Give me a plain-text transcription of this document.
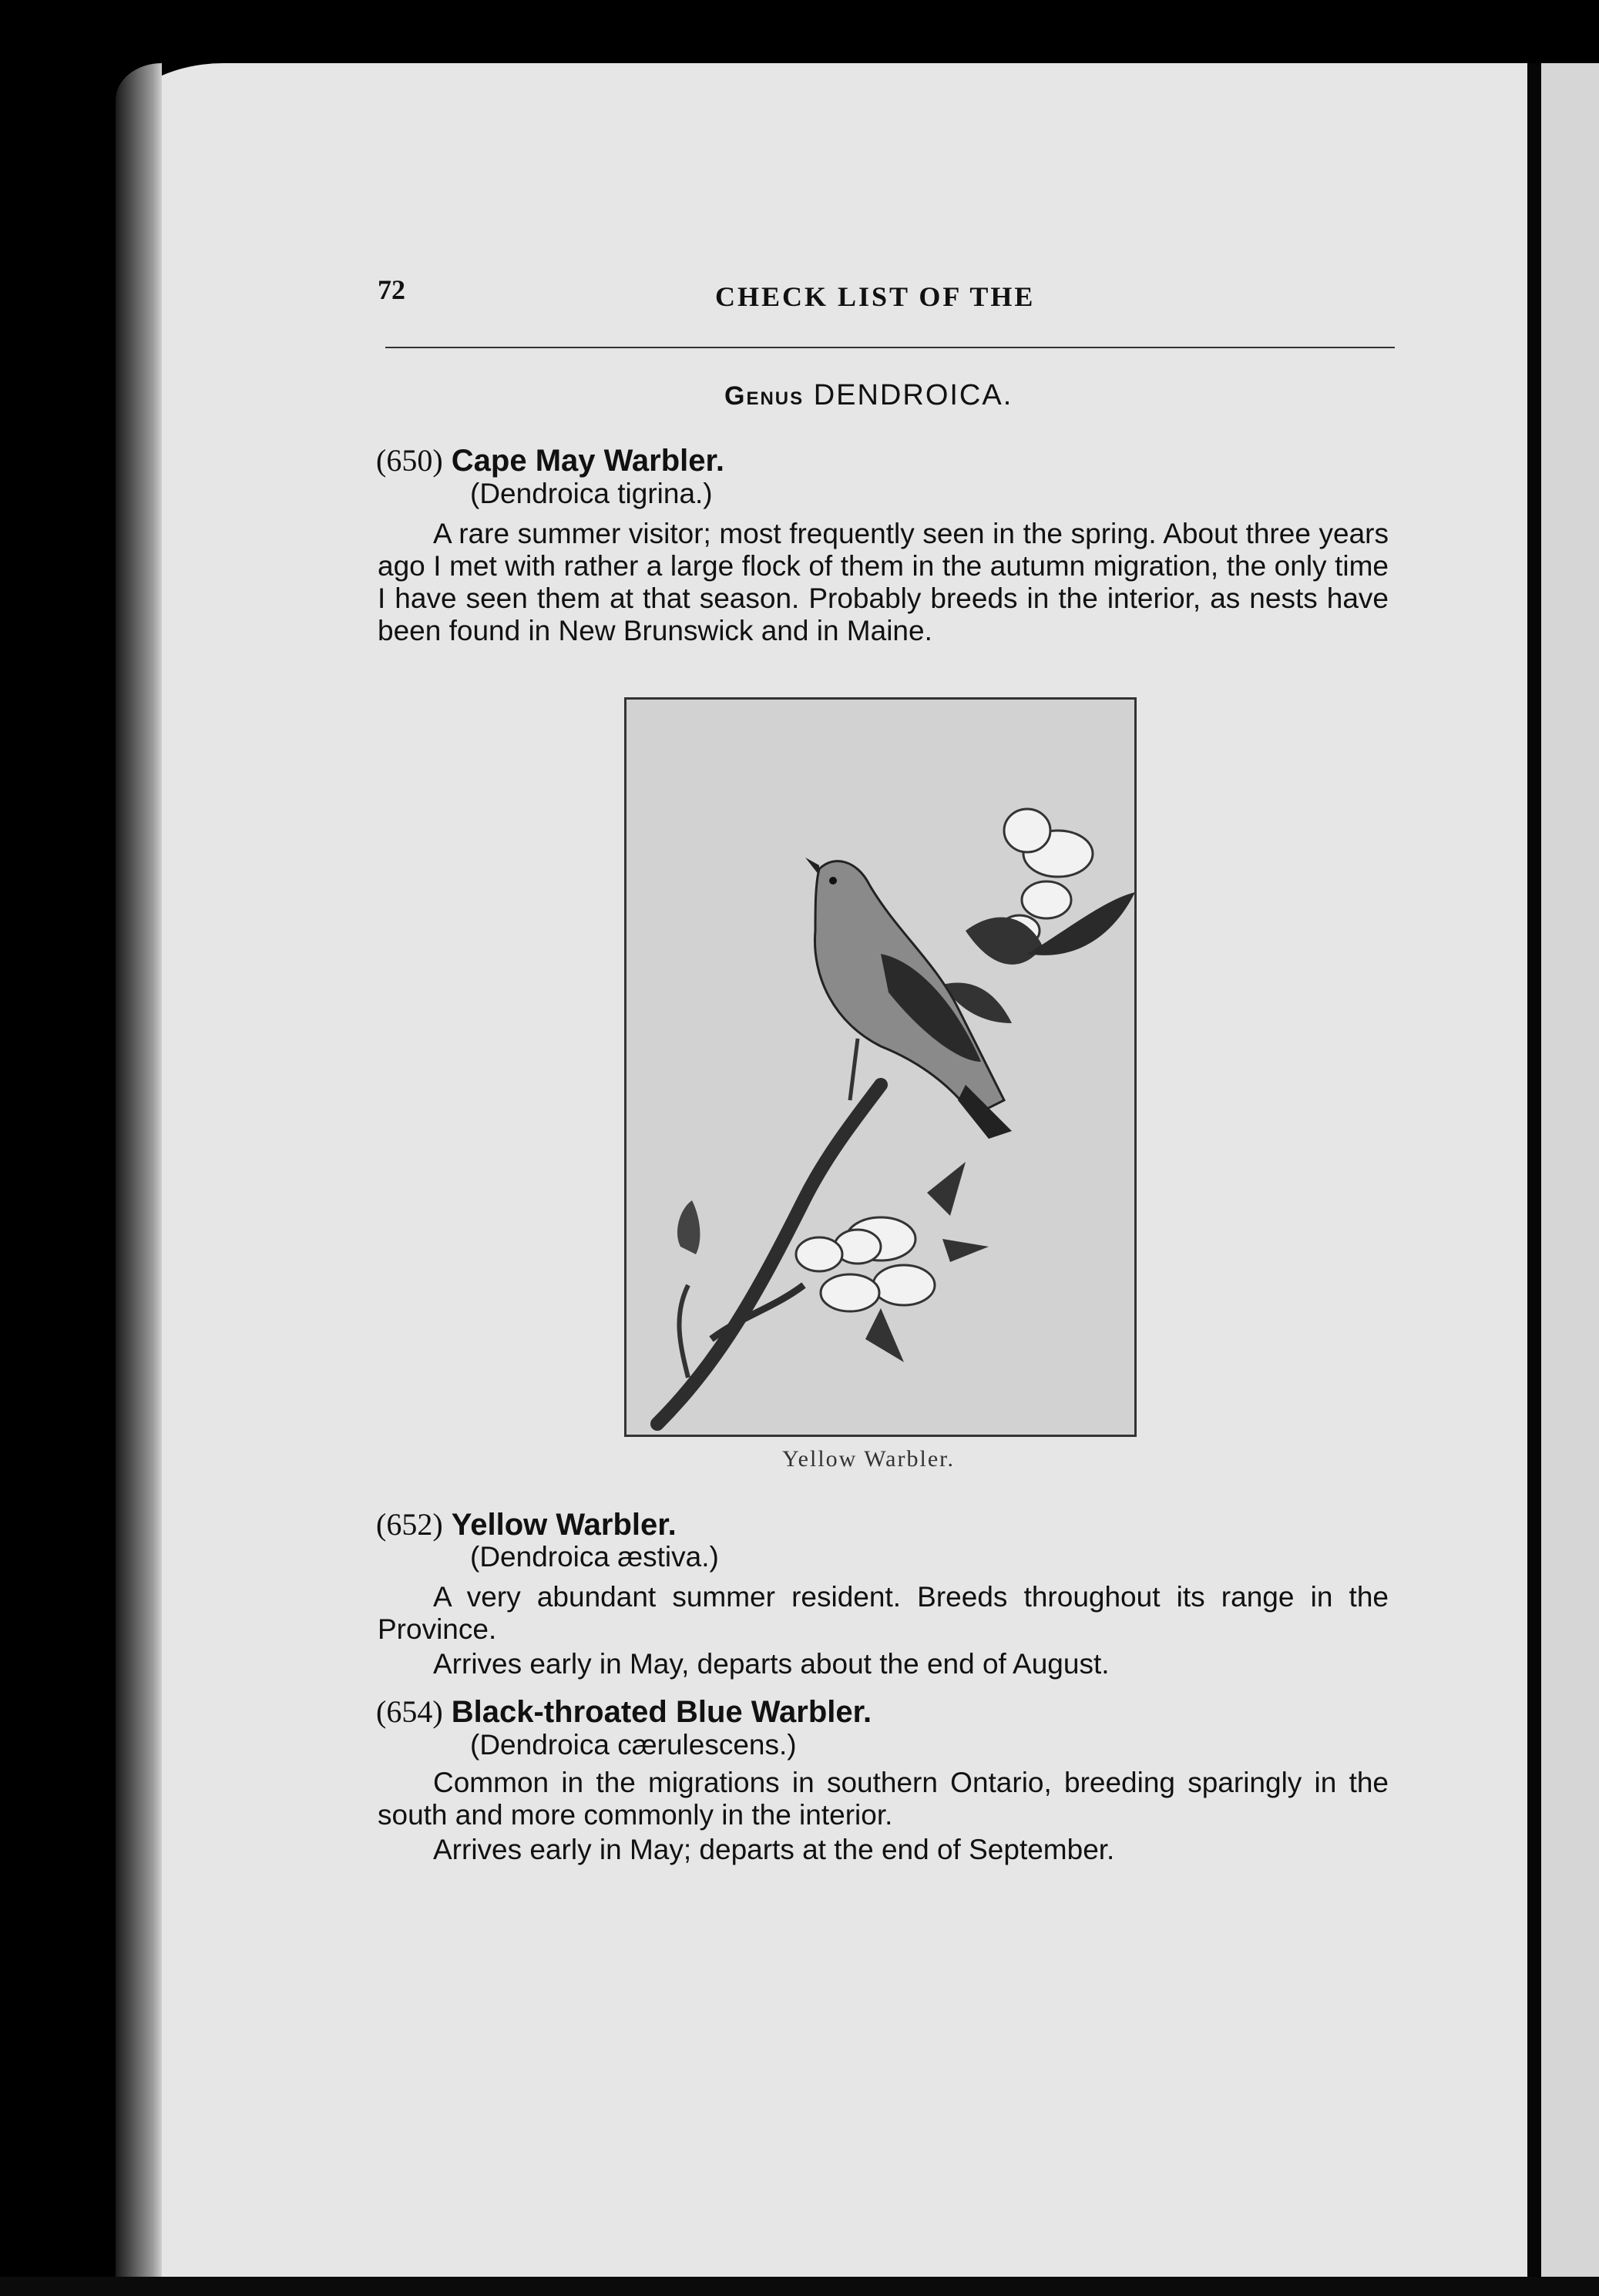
72	CHECK LIST OF THE
Genus DENDROICA.
(650) Cape May Warbler.
(Dendroica tigrina.)

A rare summer visitor; most frequently seen in the spring. About three years ago I met with rather a large flock of them in the autumn migration, the only time I have seen them at that season. Probably breeds in the interior, as nests have been found in New Brunswick and in Maine.

Yellow Warbler.
(652) Yellow Warbler.
(Dendroica æstiva.)

A very abundant summer resident. Breeds throughout its range in the Province.

Arrives early in May, departs about the end of August.
(654) Black-throated Blue Warbler.
(Dendroica cærulescens.)

Common in the migrations in southern Ontario, breeding sparingly in the south and more commonly in the interior.

Arrives early in May; departs at the end of September.
